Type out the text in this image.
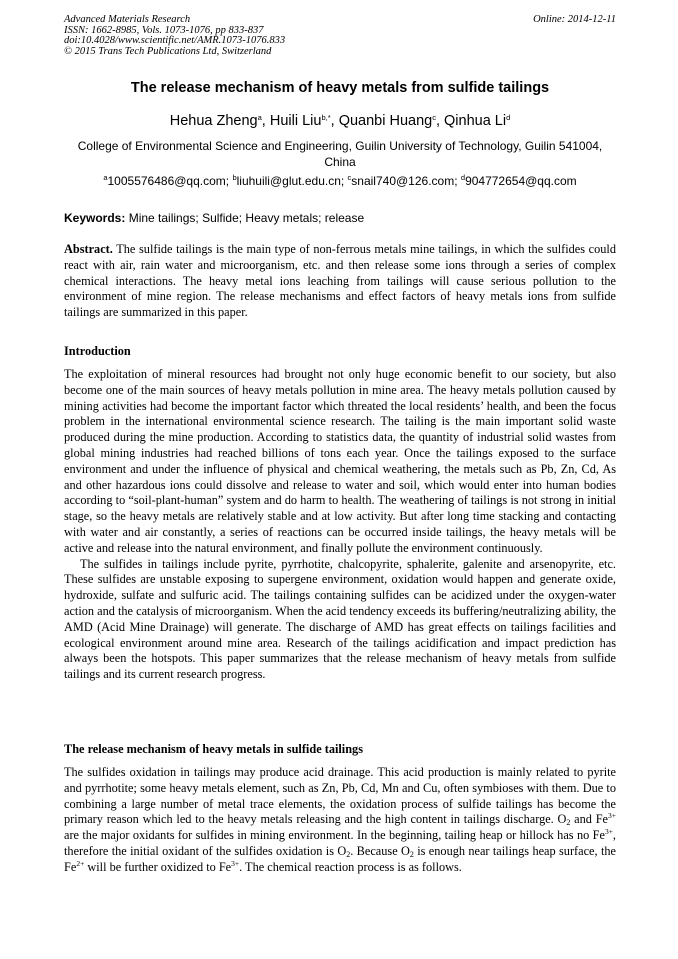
Advanced Materials Research
ISSN: 1662-8985, Vols. 1073-1076, pp 833-837
doi:10.4028/www.scientific.net/AMR.1073-1076.833
© 2015 Trans Tech Publications Ltd, Switzerland
Online: 2014-12-11
The release mechanism of heavy metals from sulfide tailings
Hehua Zheng$^a$, Huili Liu$^{b,*}$, Quanbi Huang$^c$, Qinhua Li$^d$
College of Environmental Science and Engineering, Guilin University of Technology, Guilin 541004, China
$^a$1005576486@qq.com; $^b$liuhuili@glut.edu.cn; $^c$snail740@126.com; $^d$904772654@qq.com
Keywords: Mine tailings; Sulfide; Heavy metals; release
Abstract. The sulfide tailings is the main type of non-ferrous metals mine tailings, in which the sulfides could react with air, rain water and microorganism, etc. and then release some ions through a series of complex chemical interactions. The heavy metal ions leaching from tailings will cause serious pollution to the environment of mine region. The release mechanisms and effect factors of heavy metals ions from sulfide tailings are summarized in this paper.
Introduction

The exploitation of mineral resources had brought not only huge economic benefit to our society, but also become one of the main sources of heavy metals pollution in mine area. The heavy metals pollution caused by mining activities had become the important factor which threated the local residents’ health, and been the focus problem in the international environmental science research. The tailing is the main important solid waste produced during the mine production. According to statistics data, the quantity of industrial solid wastes from global mining industries had reached billions of tons each year. Once the tailings exposed to the surface environment and under the influence of physical and chemical weathering, the metals such as Pb, Zn, Cd, As and other hazardous ions could dissolve and release to water and soil, which would enter into human bodies according to “soil-plant-human” system and do harm to health. The weathering of tailings is not strong in initial stage, so the heavy metals are relatively stable and at low activity. But after long time stacking and contacting with water and air constantly, a series of reactions can be occurred inside tailings, the heavy metals will be active and release into the natural environment, and finally pollute the environment continuously.

The sulfides in tailings include pyrite, pyrrhotite, chalcopyrite, sphalerite, galenite and arsenopyrite, etc. These sulfides are unstable exposing to supergene environment, oxidation would happen and generate oxide, hydroxide, sulfate and sulfuric acid. The tailings containing sulfides can be acidized under the oxygen-water action and the catalysis of microorganism. When the acid tendency exceeds its buffering/neutralizing ability, the AMD (Acid Mine Drainage) will generate. The discharge of AMD has great effects on tailings facilities and ecological environment around mine area. Research of the tailings acidification and impact prediction has always been the hotspots. This paper summarizes that the release mechanism of heavy metals from sulfide tailings and its current research progress.

The release mechanism of heavy metals in sulfide tailings

The sulfides oxidation in tailings may produce acid drainage. This acid production is mainly related to pyrite and pyrrhotite; some heavy metals element, such as Zn, Pb, Cd, Mn and Cu, often symbioses with them. Due to combining a large number of metal trace elements, the oxidation process of sulfide tailings has become the primary reason which led to the heavy metals releasing and the high content in tailings discharge. $O_2$ and $Fe^{3+}$ are the major oxidants for sulfides in mining environment. In the beginning, tailing heap or hillock has no $Fe^{3+}$, therefore the initial oxidant of the sulfides oxidation is $O_2$. Because $O_2$ is enough near tailings heap surface, the $Fe^{2+}$ will be further oxidized to $Fe^{3+}$. The chemical reaction process is as follows.
